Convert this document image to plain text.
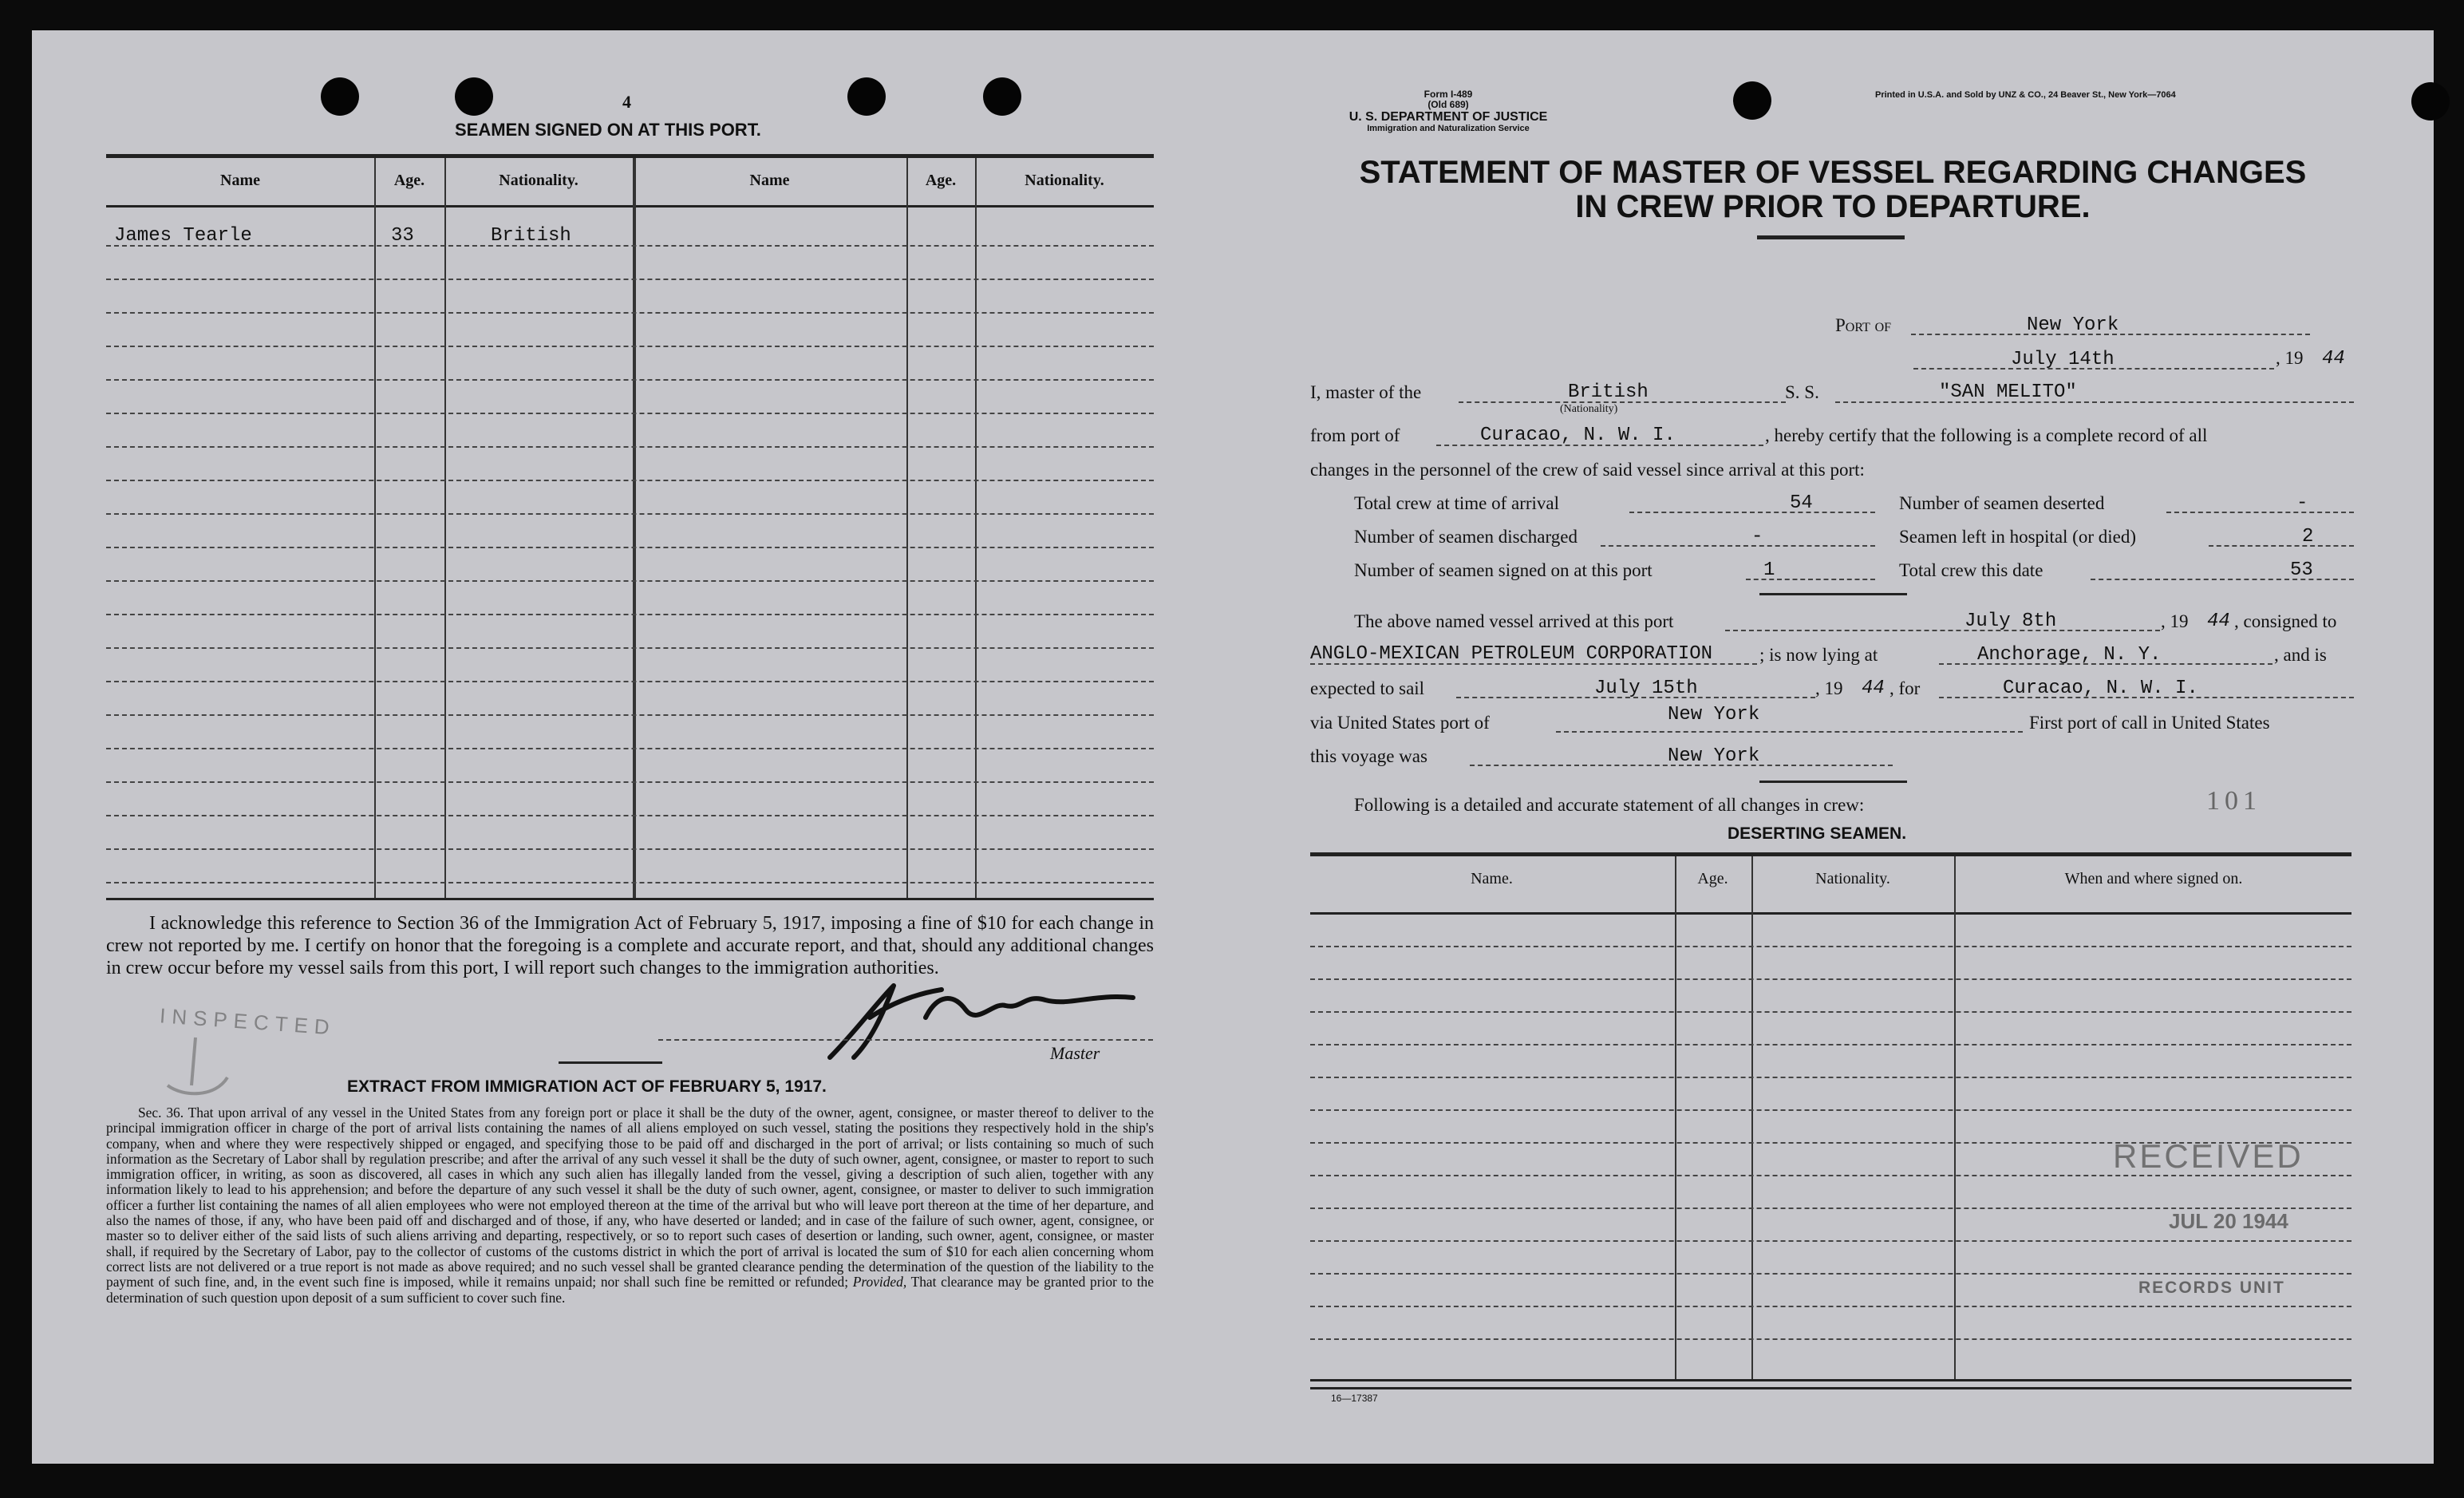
4
SEAMEN SIGNED ON AT THIS PORT.
Name	Age.	Nationality.	Name	Age.	Nationality.
James Tearle	33	British
I acknowledge this reference to Section 36 of the Immigration Act of February 5, 1917, imposing a fine of $10 for each change in crew not reported by me. I certify on honor that the foregoing is a complete and accurate report, and that, should any additional changes in crew occur before my vessel sails from this port, I will report such changes to the immigration authorities.
Master
INSPECTED
EXTRACT FROM IMMIGRATION ACT OF FEBRUARY 5, 1917.
Sec. 36. That upon arrival of any vessel in the United States from any foreign port or place it shall be the duty of the owner, agent, consignee, or master thereof to deliver to the principal immigration officer in charge of the port of arrival lists containing the names of all aliens employed on such vessel, stating the positions they respectively hold in the ship's company, when and where they were respectively shipped or engaged, and specifying those to be paid off and discharged in the port of arrival; or lists containing so much of such information as the Secretary of Labor shall by regulation prescribe; and after the arrival of any such vessel it shall be the duty of such owner, agent, consignee, or master to report to such immigration officer, in writing, as soon as discovered, all cases in which any such alien has illegally landed from the vessel, giving a description of such alien, together with any information likely to lead to his apprehension; and before the departure of any such vessel it shall be the duty of such owner, agent, consignee, or master to deliver to such immigration officer a further list containing the names of all alien employees who were not employed thereon at the time of the arrival but who will leave port thereon at the time of her departure, and also the names of those, if any, who have been paid off and discharged and of those, if any, who have deserted or landed; and in case of the failure of such owner, agent, consignee, or master so to deliver either of the said lists of such aliens arriving and departing, respectively, or so to report such cases of desertion or landing, such owner, agent, consignee, or master shall, if required by the Secretary of Labor, pay to the collector of customs of the customs district in which the port of arrival is located the sum of $10 for each alien concerning whom correct lists are not delivered or a true report is not made as above required; and no such vessel shall be granted clearance pending the determination of the question of the liability to the payment of such fine, and, in the event such fine is imposed, while it remains unpaid; nor shall such fine be remitted or refunded; Provided, That clearance may be granted prior to the determination of such question upon deposit of a sum sufficient to cover such fine.
Form I-489
(Old 689)
U. S. DEPARTMENT OF JUSTICE
Immigration and Naturalization Service
Printed in U.S.A. and Sold by UNZ & CO., 24 Beaver St., New York—7064
STATEMENT OF MASTER OF VESSEL REGARDING CHANGES
IN CREW PRIOR TO DEPARTURE.
Port of	New York
July 14th	, 19 44
I, master of the	British
(Nationality)
S. S.	"SAN MELITO"
from port of	Curacao, N. W. I.	, hereby certify that the following is a complete record of all
changes in the personnel of the crew of said vessel since arrival at this port:
Total crew at time of arrival	54	Number of seamen deserted	-
Number of seamen discharged	-	Seamen left in hospital (or died)	2
Number of seamen signed on at this port	1	Total crew this date	53
The above named vessel arrived at this port	July 8th	, 19 44 , consigned to
ANGLO-MEXICAN PETROLEUM CORPORATION	; is now lying at	Anchorage, N. Y.	, and is
expected to sail	July 15th	, 19 44 , for	Curacao, N. W. I.
via United States port of	New York	First port of call in United States
this voyage was	New York
Following is a detailed and accurate statement of all changes in crew:	101
DESERTING SEAMEN.
Name.	Age.	Nationality.	When and where signed on.
RECEIVED
JUL 20 1944
RECORDS UNIT
16—17387
